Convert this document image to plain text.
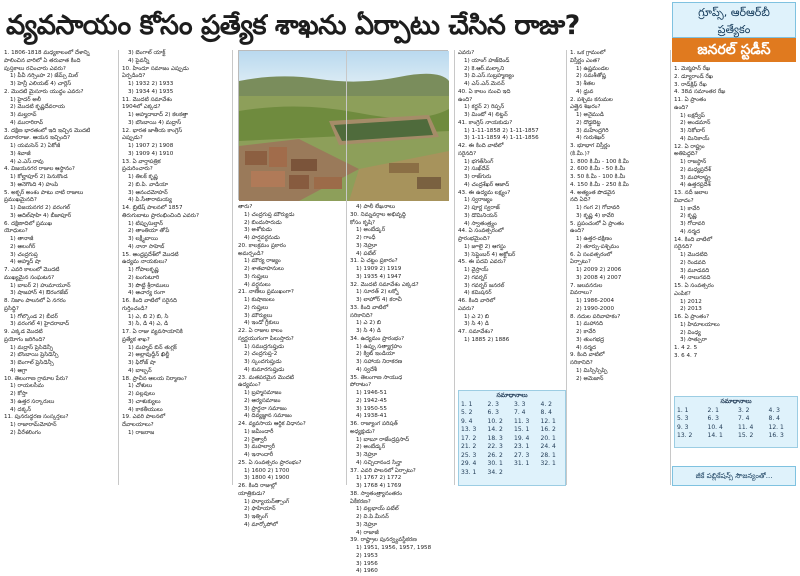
వ్యవసాయం కోసం ప్రత్యేక శాఖను ఏర్పాటు చేసిన రాజు?	గ్రూప్స్, ఆర్‌ఆర్‌బీ
ప్రత్యేకం
జనరల్ స్టడీస్
1. 1806-1818 మధ్యకాలంలో దేశాన్ని
పాలించిన వారిలో ఏ తరువాత కింది
పుస్తకాలు రచించారు ఎవరు?
1) పీవీ నర్సింహ 2) జేమ్స్ మిల్
3) హెన్రీ ఎలియట్ 4) చార్లెస్
2. మొదటి మైసూరు యుద్ధం ఎవరు?
1) హైదర్ అలీ
2) మొదటి కృష్ణదేవరాయ
3) మల్హరావ్
4) మురారిరావ్
3. దక్షిణ భారతంలో ఇది ఇచ్చిన మొదటి
మరాఠరాజు. ఆయన ఇచ్చింది?
1) యమసెన్ 2) ఏకోజీ
3) శివాజీ
4) ఎ.ఎస్.రావు
4. విజయనగర రాజుల ఆస్థానం?
1) కోల్హాపూర్ 2) పెనుకొండ
3) ఆనెగొంది 4) హంపి
5. అక్బర్ అంశం పాటు నాటి రాజులు
ప్రముఖమైనది?
1) విజయనగర 2) వరంగల్
3) ఆదిల్‌షాహి 4) బీజాపూర్
6. దక్షిణాదిలో ప్రముఖ
యోధులు?
1) తానాజీ
2) ఆలంగీర్
3) చంద్రగుప్త
4) అహ్మద్ షా
7. ఎవరి కాలంలో మొదటి
ముఖ్యమైన సంఘటన?
1) బాబర్ 2) హుమాయూన్
3) షాజహాన్ 4) ఔరంగజేబ్
8. నిజాం పాలనలో ఏ నగరం
ప్రసిద్ధి?
1) గోల్కొండ 2) బీదర్
3) వరంగల్ 4) హైదరాబాద్
9. ఎక్కడ మొదటి
ప్రయోగం జరిగింది?
1) మద్రాస్ ప్రెసిడెన్సీ
2) బొంబాయి ప్రెసిడెన్సీ
3) బెంగాల్ ప్రెసిడెన్సీ
4) ఆగ్రా
10. తెలంగాణ గ్రామాల పేరు?
1) రాయలసీమ
2) కోస్తా
3) ఉత్తర సర్కారులు
4) దక్కన్
11. పునరుద్ధరణ సంస్కర్తలు?
1) రాజారామ్‌మోహన్
2) వీరేశలింగం
3) బెంగాల్ యాక్ట్
4) పైవన్నీ
10. హిందూ సమాజం ఎప్పుడు
ఏర్పడింది?
1) 1932 2) 1933
3) 1934 4) 1935
11. మొదటి సమావేశం
1904లో ఎక్కడ?
1) అహ్మదాబాద్ 2) కలకత్తా
3) బొంబాయి 4) మద్రాస్
12. భారత జాతీయ కాంగ్రెస్
ఎప్పుడు?
1) 1907 2) 1908
3) 1909 4) 1910
13. ఏ వార్తాపత్రిక
ప్రచురించారు?
1) తిలక్ కృష్ణ
2) బి.పి. వాడియా
3) ఆనందమోహన్
4) పి.సీతారామయ్య
14. బ్రిటిష్ పాలనలో 1857
తిరుగుబాటు ప్రారంభించింది ఎవరు?
1) టిప్పుసుల్తాన్
2) తాంతియా తోపే
3) లక్ష్మీబాయి
4) నానా సాహెబ్
15. ఆంధ్రప్రదేశ్‌లో మొదటి
ఉద్యమ నాయకులు?
1) గోపాలకృష్ణ
2) టంగుటూరి
3) పొట్టి శ్రీరాములు
4) ఆచార్య రంగా
16. కింది వాటిలో సరైనది
గుర్తించండి?
1) ఎ, బి 2) బి, సి
3) సి, డి 4) ఎ, డి
17. ఏ రాజు వ్యవసాయానికి
ప్రత్యేక శాఖ?
1) మహ్మద్ బిన్ తుగ్లక్
2) అల్లావుద్దీన్ ఖిల్జీ
3) ఫిరోజ్ షా
4) బాల్బన్
18. ప్రాచీన ఆలయ నిర్మాణం?
1) చోళులు
2) పల్లవులు
3) చాళుక్యులు
4) కాకతీయులు
19. ఎవరి పాలనలో
దేవాలయాలు?
1) రాజరాజ
తారు?
1) చంద్రగుప్త మౌర్యుడు
2) బిందుసారుడు
3) అశోకుడు
4) హర్షవర్ధనుడు
20. కాలక్రమం ప్రకారం
అమర్చండి?
1) మౌర్య రాజ్యం
2) శాతవాహనులు
3) గుప్తులు
4) వర్ధనులు
21. నాణేలు ప్రముఖంగా?
1) కుషాణులు
2) గుప్తులు
3) మౌర్యులు
4) ఇండో గ్రీకులు
22. ఏ రాజుల కాలం
స్వర్ణయుగంగా పిలుస్తారు?
1) సముద్రగుప్తుడు
2) చంద్రగుప్త-2
3) స్కందగుప్తుడు
4) కుమారగుప్తుడు
23. మతపరమైన మొదటి
ఉద్యమం?
1) బ్రహ్మసమాజం
2) ఆర్యసమాజం
3) ప్రార్థనా సమాజం
4) దివ్యజ్ఞాన సమాజం
24. వ్యవసాయ ఆర్థిక విధానం?
1) జమీందారీ
2) రైత్వారీ
3) మహల్వారీ
4) ఇనాందారీ
25. ఏ సంవత్సరం ప్రారంభం?
1) 1600 2) 1700
3) 1800 4) 1900
26. కింది రాజుల్లో
యాత్రికుడు?
1) హ్యూయన్‌త్సాంగ్
2) ఫాహియాన్
3) ఇత్సింగ్
4) మార్కోపోలో
4) పాలీ లేఖనాలు
30. నిమ్నవర్గాల అభివృద్ధి
కోసం కృషి?
1) అంబేడ్కర్
2) గాంధీ
3) నెహ్రూ
4) పటేల్
31. ఏ చట్టం ప్రకారం?
1) 1909 2) 1919
3) 1935 4) 1947
32. మొదటి సమావేశం ఎక్కడ?
1) సూరత్ 2) లక్నో
3) లాహోర్ 4) కరాచీ
33. కింది వాటిలో
సరికానిది?
1) ఎ 2) బి
3) సి 4) డి
34. ఉద్యమం ప్రారంభం?
1) ఉప్పు సత్యాగ్రహం
2) క్విట్ ఇండియా
3) సహాయ నిరాకరణ
4) స్వదేశీ
35. తెలంగాణ సాయుధ
పోరాటం?
1) 1946-51
2) 1942-45
3) 1950-55
4) 1938-41
36. రాజ్యాంగ పరిషత్
అధ్యక్షుడు?
1) బాబూ రాజేంద్రప్రసాద్
2) అంబేడ్కర్
3) నెహ్రూ
4) సచ్చిదానంద సిన్హా
37. ఎవరి పాలనలో ఏర్పాటు?
1) 1767 2) 1772
3) 1768 4) 1769
38. స్వాతంత్ర్యానంతరం
ఏకీకరణ?
1) వల్లభాయ్ పటేల్
2) వి.పి.మీనన్
3) నెహ్రూ
4) రాజాజీ
39. రాష్ట్రాల పునర్వ్యవస్థీకరణ
1) 1951, 1956, 1957, 1958
2) 1953
3) 1956
4) 1960
ఎవరు?
1) యాంగ్ హజ్‌బెండ్
2) కె.ఆర్.మల్కాని
3) వి.ఎస్.సుబ్రహ్మణ్యం
4) ఎస్.ఎన్.మెనన్
40. ఏ కాలం నుంచి ఇది
ఉంది?
1) కర్జన్ 2) రిప్పన్
3) మింటో 4) లిట్టన్
41. కాంగ్రెస్ నాయకుడు?
1) 1-11-1858 2) 1-11-1857
3) 1-11-1859 4) 1-11-1856
42. ఈ కింది వాటిలో
సరైనది?
1) భగత్‌సింగ్
2) సుఖ్‌దేవ్
3) రాజ్‌గురు
4) చంద్రశేఖర్ ఆజాద్
43. ఈ ఉద్యమ లక్ష్యం?
1) స్వరాజ్యం
2) పూర్ణ స్వరాజ్
3) డొమినియన్
4) స్వాతంత్ర్యం
44. ఏ సంవత్సరంలో
ప్రారంభమైంది?
1) జూలై 2) ఆగస్టు
3) సెప్టెంబర్ 4) అక్టోబర్
45. ఈ పదవి ఎవరు?
1) వైస్రాయ్
2) గవర్నర్
3) గవర్నర్ జనరల్
4) కమిషనర్
46. కింది వారిలో
ఎవరు?
1) ఎ 2) బి
3) సి 4) డి
47. సమావేశం?
1) 1885 2) 1886
1. ఒక గ్రామంలో
విస్తీర్ణం ఎంత?
1) ఉష్ణమండల
2) సమశీతోష్ణ
3) శీతల
4) ధ్రువ
2. పశ్చిమ కనుమల
ఎత్తైన శిఖరం?
1) అనైముడి
2) దొడ్డబెట్ట
3) మహేంద్రగిరి
4) గురుశిఖర్
3. భూభాగ విస్తీర్ణం
(కి.మీ.)?
1. 800 కి.మీ - 100 కి.మీ
2. 600 కి.మీ - 50 కి.మీ
3. 50 కి.మీ - 100 కి.మీ
4. 150 కి.మీ - 250 కి.మీ
4. అత్యంత పొడవైన
నది ఏది?
1) గంగ 2) గోదావరి
3) కృష్ణ 4) కావేరి
5. ప్రపంచంలో ఏ ప్రాంతం
ఉంది?
1) ఉత్తర-దక్షిణం
2) తూర్పు-పశ్చిమం
6. ఏ సంవత్సరంలో
ఏర్పాటు?
1) 2009 2) 2006
3) 2008 4) 2007
7. జలవనరుల
వివరాలు?
1) 1986-2004
2) 1990-2000
8. నదుల పరివాహకం?
1) మహానది
2) కావేరి
3) తుంగభద్ర
4) నర్మద
9. కింది వాటిలో
సరికానిది?
1) మిస్సిస్సిప్పి
2) అమెజాన్
1. మెక్మహన్ రేఖ
2. డ్యూరాండ్ రేఖ
3. రాడ్‌క్లిఫ్ రేఖ
4. 38వ సమాంతర రేఖ
11. ఏ ప్రాంతం
ఉంది?
1) లక్షద్వీప్
2) అండమాన్
3) నికోబార్
4) మినికాయ్
12. ఏ రాష్ట్రం
అతిపెద్దది?
1) రాజస్థాన్
2) మధ్యప్రదేశ్
3) మహారాష్ట్ర
4) ఉత్తరప్రదేశ్
13. నదీ జలాల
వివాదం?
1) కావేరి
2) కృష్ణ
3) గోదావరి
4) నర్మద
14. కింది వాటిలో
సరైనది?
1) మొదటిది
2) రెండవది
3) మూడవది
4) నాలుగవది
15. ఏ సంవత్సరం
ఎంపిక?
1) 2012
2) 2013
16. ఏ ప్రాంతం?
1) హిమాలయాలు
2) వింధ్య
3) సాత్పురా
1. 4 2. 5
3. 6 4. 7
సమాధానాలు
1. 1	2. 3	3. 3	4. 2
5. 2	6. 3	7. 4	8. 4
9. 4	10. 2	11. 3	12. 1
13. 3	14. 2	15. 1	16. 2
17. 2	18. 3	19. 4	20. 1
21. 2	22. 3	23. 1	24. 4
25. 3	26. 2	27. 3	28. 1
29. 4	30. 1	31. 1	32. 1
33. 1	34. 2		
సమాధానాలు
1. 1	2. 1	3. 2	4. 3
5. 3	6. 3	7. 4	8. 4
9. 3	10. 4	11. 4	12. 1
13. 2	14. 1	15. 2	16. 3
జీకే పబ్లికేషన్స్ సౌజన్యంతో...
